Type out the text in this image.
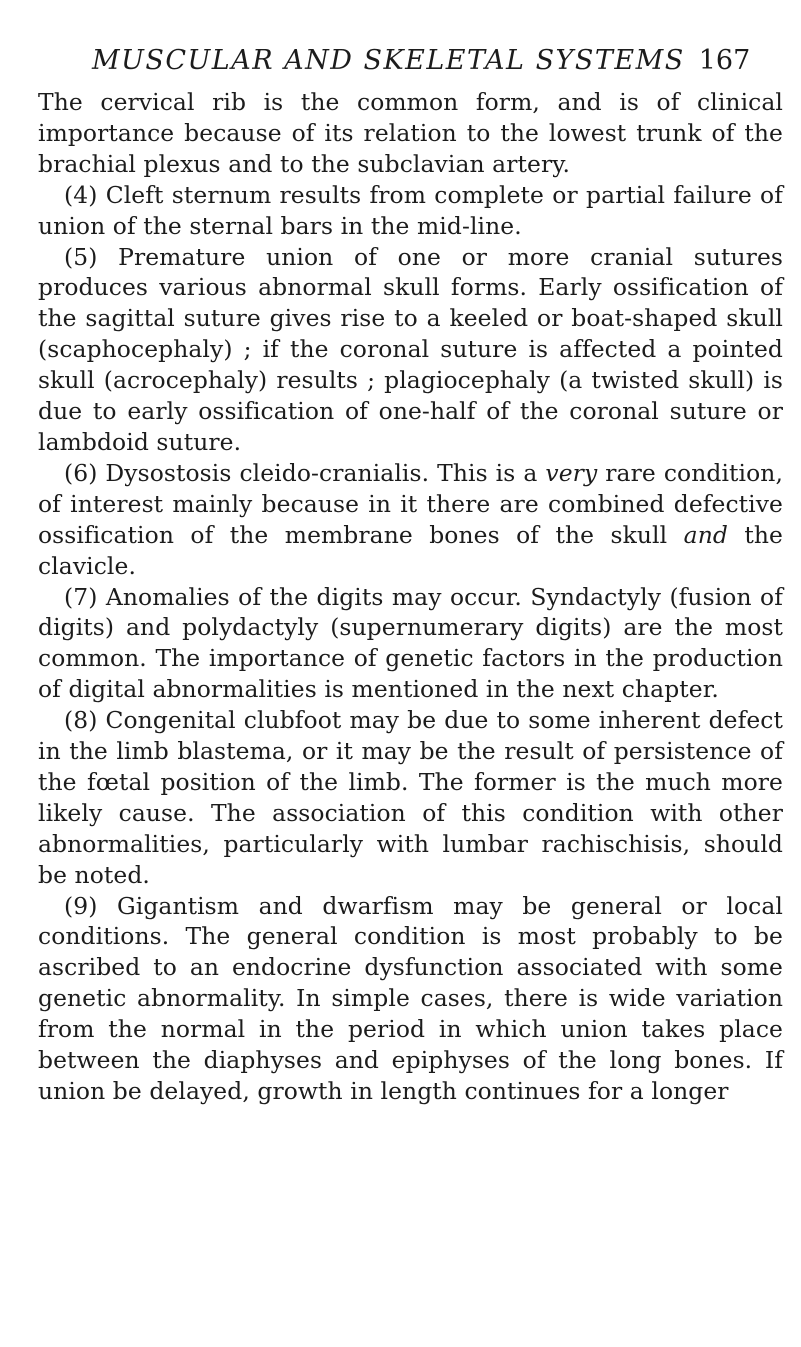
MUSCULAR AND SKELETAL SYSTEMS 167

The cervical rib is the common form, and is of clinical importance because of its relation to the lowest trunk of the brachial plexus and to the subclavian artery.

(4) Cleft sternum results from complete or partial failure of union of the sternal bars in the mid-line.

(5) Premature union of one or more cranial sutures produces various abnormal skull forms. Early ossification of the sagittal suture gives rise to a keeled or boat-shaped skull (scaphocephaly) ; if the coronal suture is affected a pointed skull (acrocephaly) results ; plagiocephaly (a twisted skull) is due to early ossification of one-half of the coronal suture or lambdoid suture.

(6) Dysostosis cleido-cranialis. This is a very rare condition, of interest mainly because in it there are combined defective ossification of the membrane bones of the skull and the clavicle.

(7) Anomalies of the digits may occur. Syndactyly (fusion of digits) and polydactyly (supernumerary digits) are the most common. The importance of genetic factors in the production of digital abnormalities is mentioned in the next chapter.

(8) Congenital clubfoot may be due to some inherent defect in the limb blastema, or it may be the result of persistence of the fœtal position of the limb. The former is the much more likely cause. The association of this condition with other abnormalities, particularly with lumbar rachischisis, should be noted.

(9) Gigantism and dwarfism may be general or local conditions. The general condition is most probably to be ascribed to an endocrine dysfunction associated with some genetic abnormality. In simple cases, there is wide variation from the normal in the period in which union takes place between the diaphyses and epiphyses of the long bones. If union be delayed, growth in length continues for a longer
